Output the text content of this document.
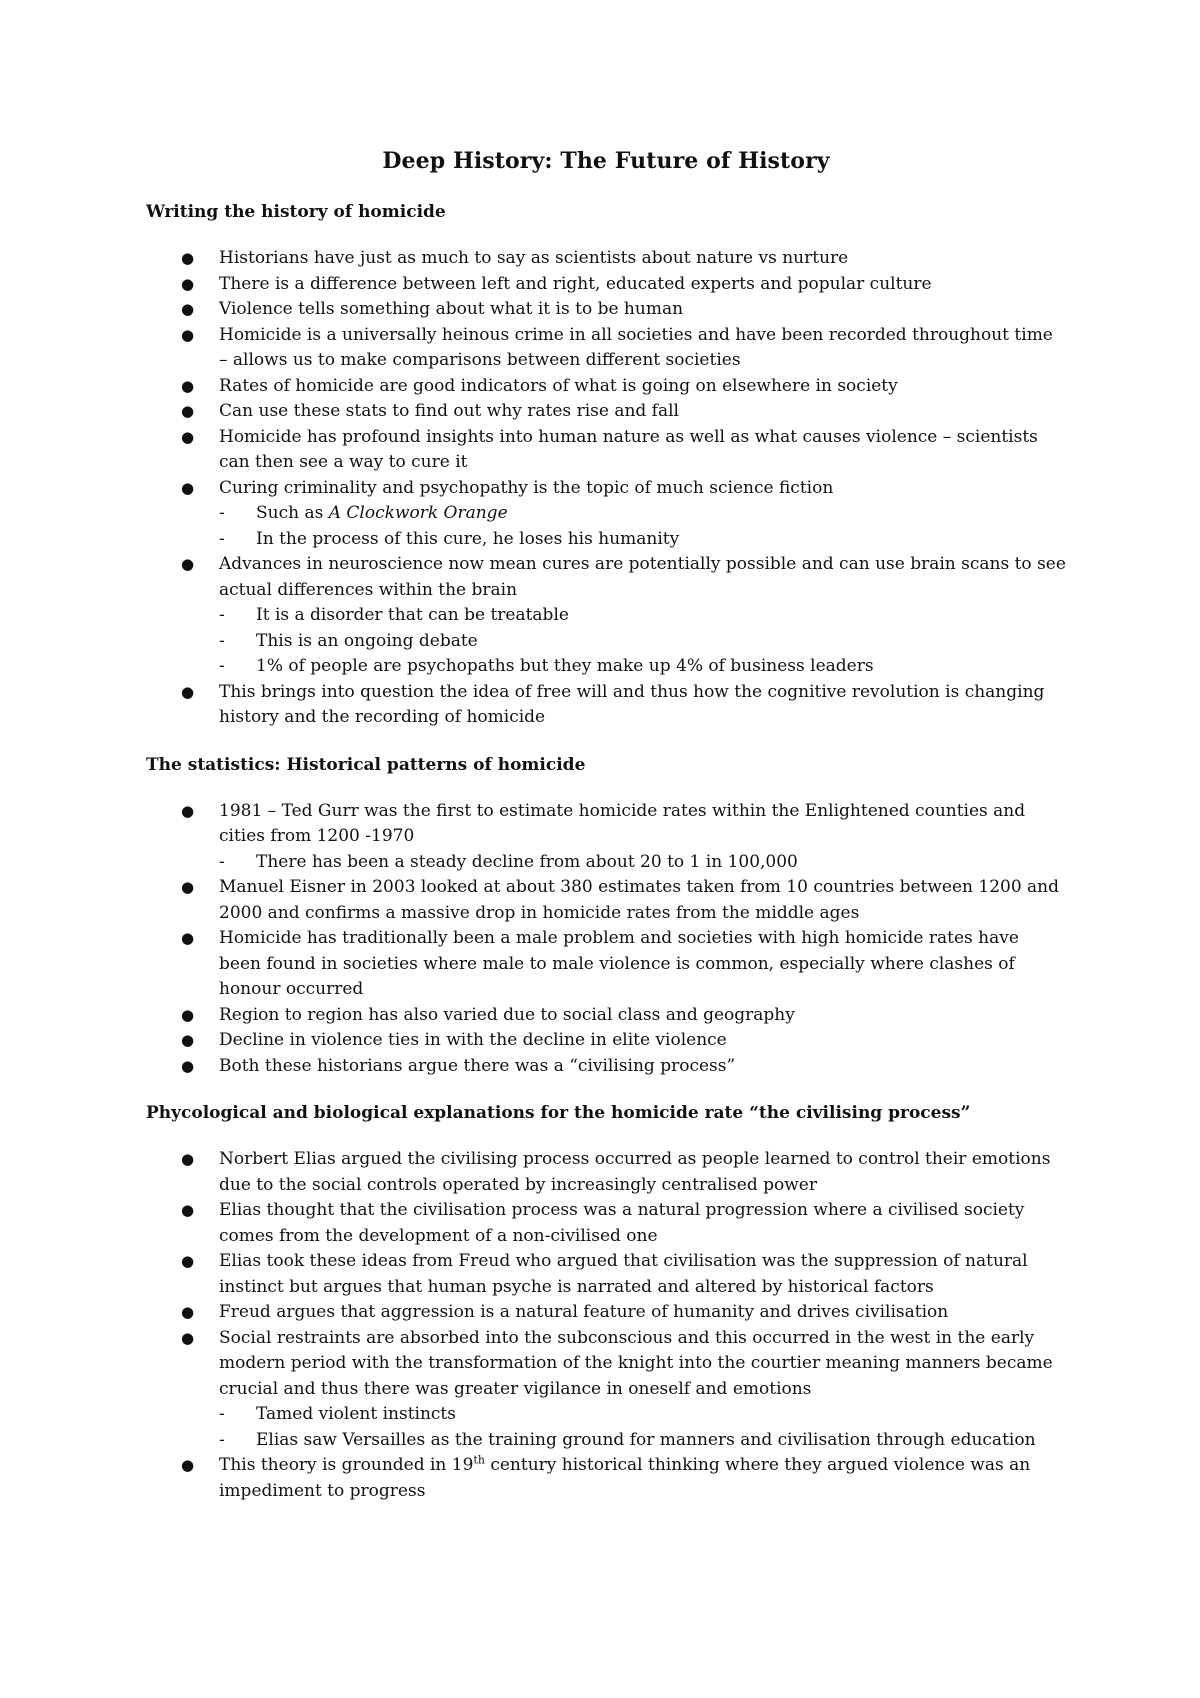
Deep History: The Future of History
Writing the history of homicide
● Historians have just as much to say as scientists about nature vs nurture
● There is a difference between left and right, educated experts and popular culture
● Violence tells something about what it is to be human
● Homicide is a universally heinous crime in all societies and have been recorded throughout time – allows us to make comparisons between different societies
● Rates of homicide are good indicators of what is going on elsewhere in society
● Can use these stats to find out why rates rise and fall
● Homicide has profound insights into human nature as well as what causes violence – scientists can then see a way to cure it
● Curing criminality and psychopathy is the topic of much science fiction
- Such as A Clockwork Orange
- In the process of this cure, he loses his humanity
● Advances in neuroscience now mean cures are potentially possible and can use brain scans to see actual differences within the brain
- It is a disorder that can be treatable
- This is an ongoing debate
- 1% of people are psychopaths but they make up 4% of business leaders
● This brings into question the idea of free will and thus how the cognitive revolution is changing history and the recording of homicide
The statistics: Historical patterns of homicide
● 1981 – Ted Gurr was the first to estimate homicide rates within the Enlightened counties and cities from 1200 -1970
- There has been a steady decline from about 20 to 1 in 100,000
● Manuel Eisner in 2003 looked at about 380 estimates taken from 10 countries between 1200 and 2000 and confirms a massive drop in homicide rates from the middle ages
● Homicide has traditionally been a male problem and societies with high homicide rates have been found in societies where male to male violence is common, especially where clashes of honour occurred
● Region to region has also varied due to social class and geography
● Decline in violence ties in with the decline in elite violence
● Both these historians argue there was a “civilising process”
Phycological and biological explanations for the homicide rate “the civilising process”
● Norbert Elias argued the civilising process occurred as people learned to control their emotions due to the social controls operated by increasingly centralised power
● Elias thought that the civilisation process was a natural progression where a civilised society comes from the development of a non-civilised one
● Elias took these ideas from Freud who argued that civilisation was the suppression of natural instinct but argues that human psyche is narrated and altered by historical factors
● Freud argues that aggression is a natural feature of humanity and drives civilisation
● Social restraints are absorbed into the subconscious and this occurred in the west in the early modern period with the transformation of the knight into the courtier meaning manners became crucial and thus there was greater vigilance in oneself and emotions
- Tamed violent instincts
- Elias saw Versailles as the training ground for manners and civilisation through education
● This theory is grounded in 19th century historical thinking where they argued violence was an impediment to progress
